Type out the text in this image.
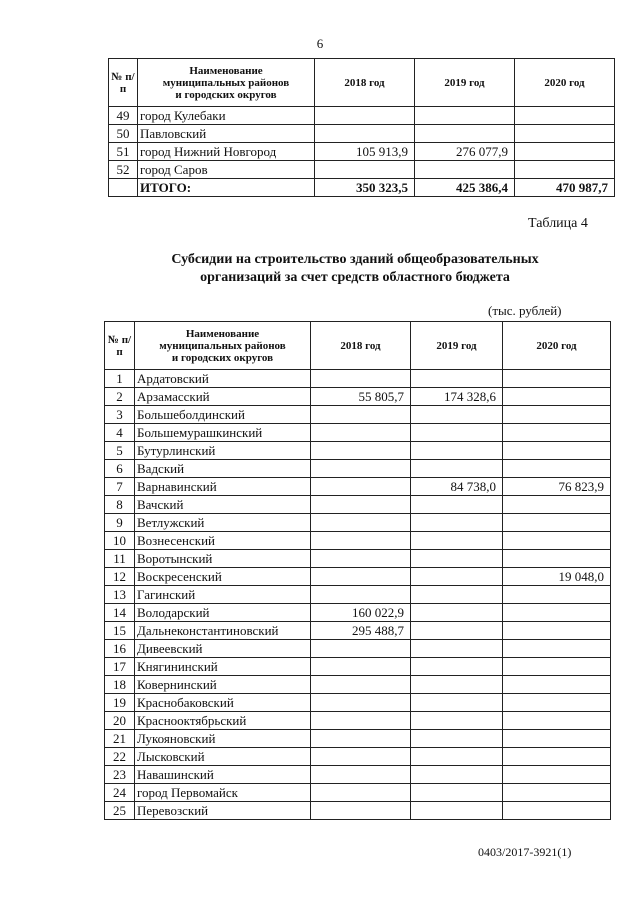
6
№ п/п	Наименование
муниципальных районов
и городских округов	2018 год	2019 год	2020 год
49	город Кулебаки			
50	Павловский			
51	город Нижний Новгород	105 913,9	276 077,9	
52	город Саров			
	ИТОГО:	350 323,5	425 386,4	470 987,7
Таблица 4
Субсидии на строительство зданий общеобразовательных
организаций за счет средств областного бюджета
(тыс. рублей)
№ п/п	Наименование
муниципальных районов
и городских округов	2018 год	2019 год	2020 год
1	Ардатовский			
2	Арзамасский	55 805,7	174 328,6	
3	Большеболдинский			
4	Большемурашкинский			
5	Бутурлинский			
6	Вадский			
7	Варнавинский		84 738,0	76 823,9
8	Вачский			
9	Ветлужский			
10	Вознесенский			
11	Воротынский			
12	Воскресенский			19 048,0
13	Гагинский			
14	Володарский	160 022,9		
15	Дальнеконстантиновский	295 488,7		
16	Дивеевский			
17	Княгининский			
18	Ковернинский			
19	Краснобаковский			
20	Краснооктябрьский			
21	Лукояновский			
22	Лысковский			
23	Навашинский			
24	город Первомайск			
25	Перевозский			
0403/2017-3921(1)
